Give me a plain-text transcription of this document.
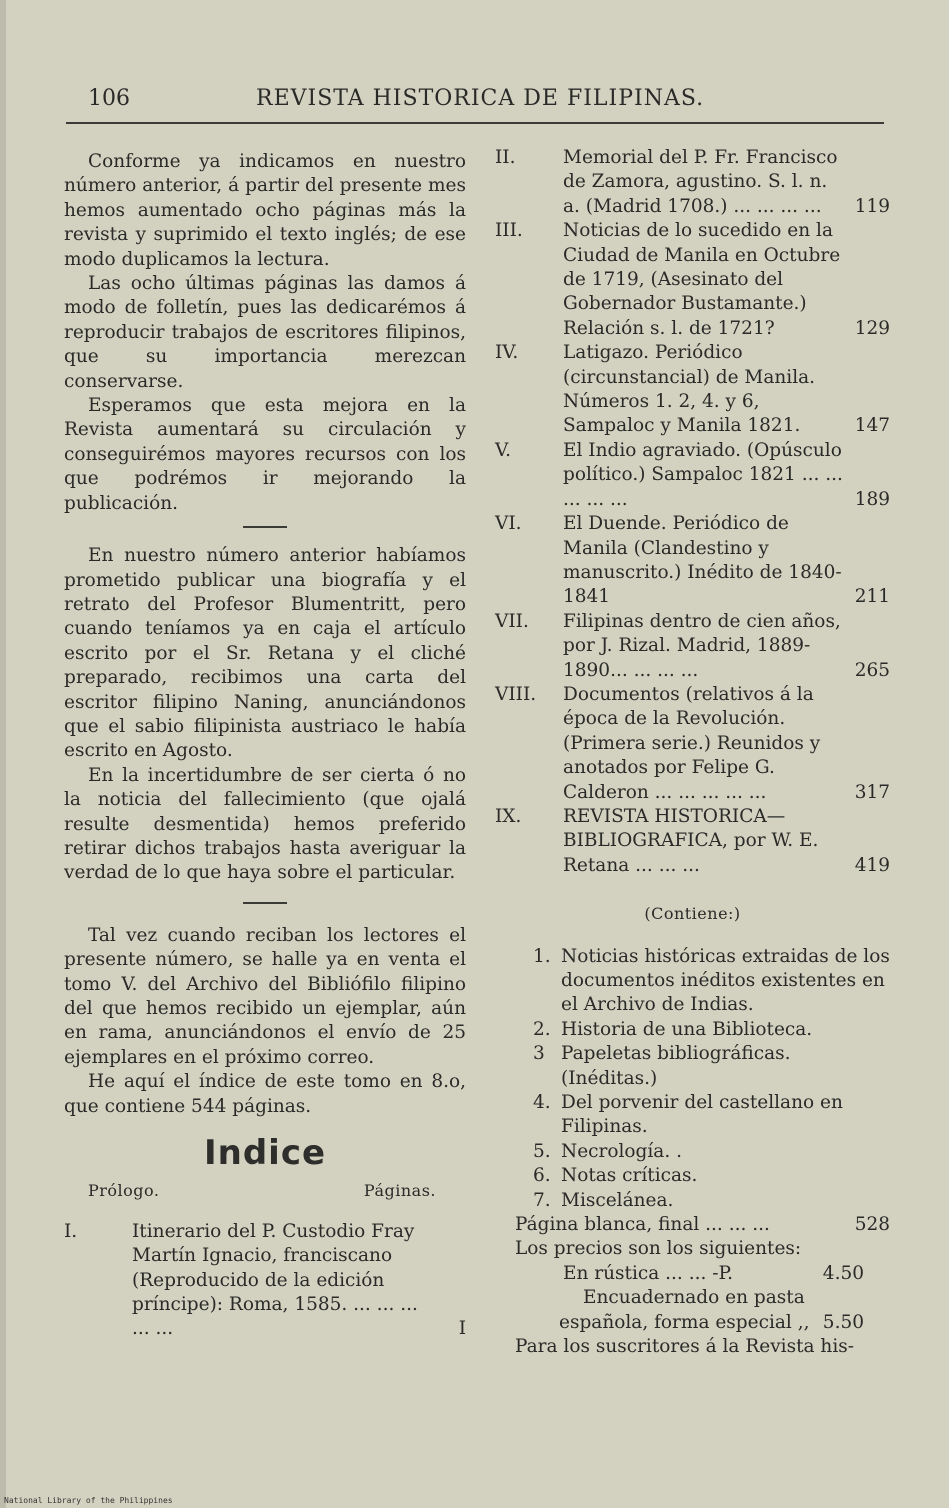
106	REVISTA HISTORICA DE FILIPINAS.

Conforme ya indicamos en nuestro número anterior, á partir del presente mes hemos aumentado ocho páginas más la revista y suprimido el texto inglés; de ese modo duplicamos la lectura.

Las ocho últimas páginas las damos á modo de folletín, pues las dedicarémos á reproducir trabajos de escritores filipinos, que su importancia merezcan conservarse.

Esperamos que esta mejora en la Revista aumentará su circulación y conseguirémos mayores recursos con los que podrémos ir mejorando la publicación.

En nuestro número anterior habíamos prometido publicar una biografía y el retrato del Profesor Blumentritt, pero cuando teníamos ya en caja el artículo escrito por el Sr. Retana y el cliché preparado, recibimos una carta del escritor filipino Naning, anunciándonos que el sabio filipinista austriaco le había escrito en Agosto.

En la incertidumbre de ser cierta ó no la noticia del fallecimiento (que ojalá resulte desmentida) hemos preferido retirar dichos trabajos hasta averiguar la verdad de lo que haya sobre el particular.

Tal vez cuando reciban los lectores el presente número, se halle ya en venta el tomo V. del Archivo del Bibliófilo filipino del que hemos recibido un ejemplar, aún en rama, anunciándonos el envío de 25 ejemplares en el próximo correo.

He aquí el índice de este tomo en 8.o, que contiene 544 páginas.

Indice
Prólogo.	Páginas.
I.	Itinerario del P. Custodio Fray Martín Ignacio, franciscano (Reproducido de la edición príncipe): Roma, 1585. ... ... ... ... ...	I
II.	Memorial del P. Fr. Francisco de Zamora, agustino. S. l. n. a. (Madrid 1708.) ... ... ... ...	119
III.	Noticias de lo sucedido en la Ciudad de Manila en Octubre de 1719, (Asesinato del Gobernador Bustamante.) Relación s. l. de 1721?	129
IV.	Latigazo. Periódico (circunstancial) de Manila. Números 1. 2, 4. y 6, Sampaloc y Manila 1821.	147
V.	El Indio agraviado. (Opúsculo político.) Sampaloc 1821 ... ... ... ... ...	189
VI.	El Duende. Periódico de Manila (Clandestino y manuscrito.) Inédito de 1840-1841	211
VII.	Filipinas dentro de cien años, por J. Rizal. Madrid, 1889-1890... ... ... ...	265
VIII.	Documentos (relativos á la época de la Revolución. (Primera serie.) Reunidos y anotados por Felipe G. Calderon ... ... ... ... ...	317
IX.	REVISTA HISTORICA— BIBLIOGRAFICA, por W. E. Retana ... ... ...	419
(Contiene:)
1. Noticias históricas extraidas de los documentos inéditos existentes en el Archivo de Indias.
2. Historia de una Biblioteca.
3 Papeletas bibliográficas. (Inéditas.)
4. Del porvenir del castellano en Filipinas.
5. Necrología. .
6. Notas críticas.
7. Miscelánea.
Página blanca, final ... ... ...	528
Los precios son los siguientes:
En rústica ... ... -P.	4.50
Encuadernado en pasta
española, forma especial ,, 5.50
Para los suscritores á la Revista his-
National Library of the Philippines
